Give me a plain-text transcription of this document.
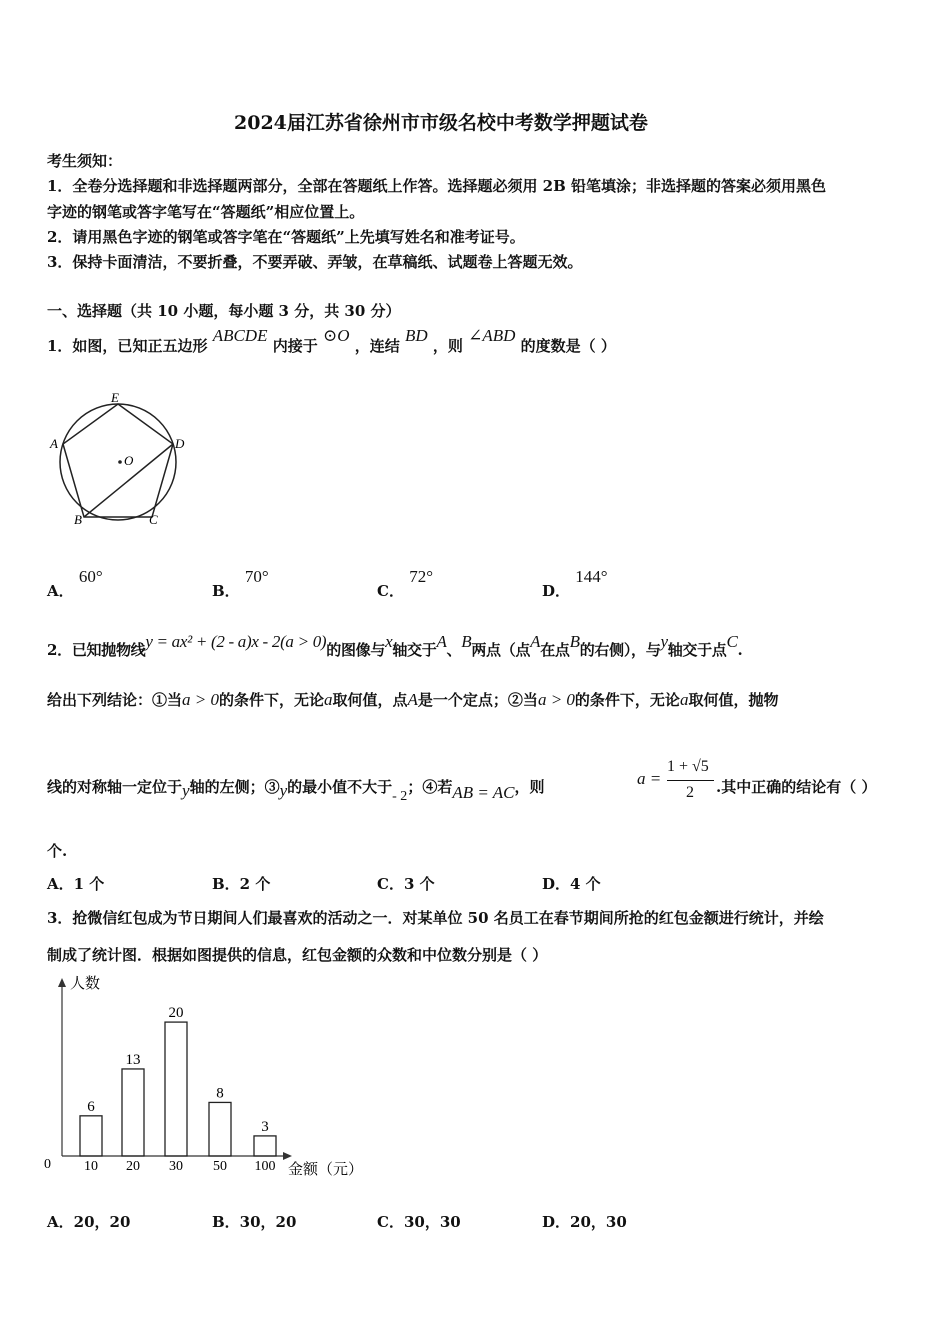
2024届江苏省徐州市市级名校中考数学押题试卷
考生须知：
1．全卷分选择题和非选择题两部分，全部在答题纸上作答。选择题必须用 2B 铅笔填涂；非选择题的答案必须用黑色
字迹的钢笔或答字笔写在“答题纸”相应位置上。
2．请用黑色字迹的钢笔或答字笔在“答题纸”上先填写姓名和准考证号。
3．保持卡面清洁，不要折叠，不要弄破、弄皱，在草稿纸、试题卷上答题无效。
一、选择题（共 10 小题，每小题 3 分，共 30 分）
1．如图，已知正五边形 ABCDE 内接于 ⊙O ，连结 BD ，则 ∠ABD 的度数是（ ）
E
A	D
O
B	C
A． 60°
B． 70°
C． 72°
D． 144°
2．已知抛物线y = ax² + (2 - a)x - 2(a > 0)的图像与x轴交于A、B两点（点A在点B的右侧），与y轴交于点C.
给出下列结论：①当a > 0的条件下，无论a取何值，点A是一个定点；②当a > 0的条件下，无论a取何值，抛物
线的对称轴一定位于y轴的左侧；③y的最小值不大于- 2；④若AB = AC，则	a =
1 + √5
2 .其中正确的结论有（ ）
个.
A．1 个	B．2 个	C．3 个	D．4 个
3．抢微信红包成为节日期间人们最喜欢的活动之一．对某单位 50 名员工在春节期间所抢的红包金额进行统计，并绘
制成了统计图．根据如图提供的信息，红包金额的众数和中位数分别是（ ）
人数
金额（元）
0
6
10
13
20
20
30
8
50
3
100
A．20，20	B．30，20	C．30，30	D．20，30
